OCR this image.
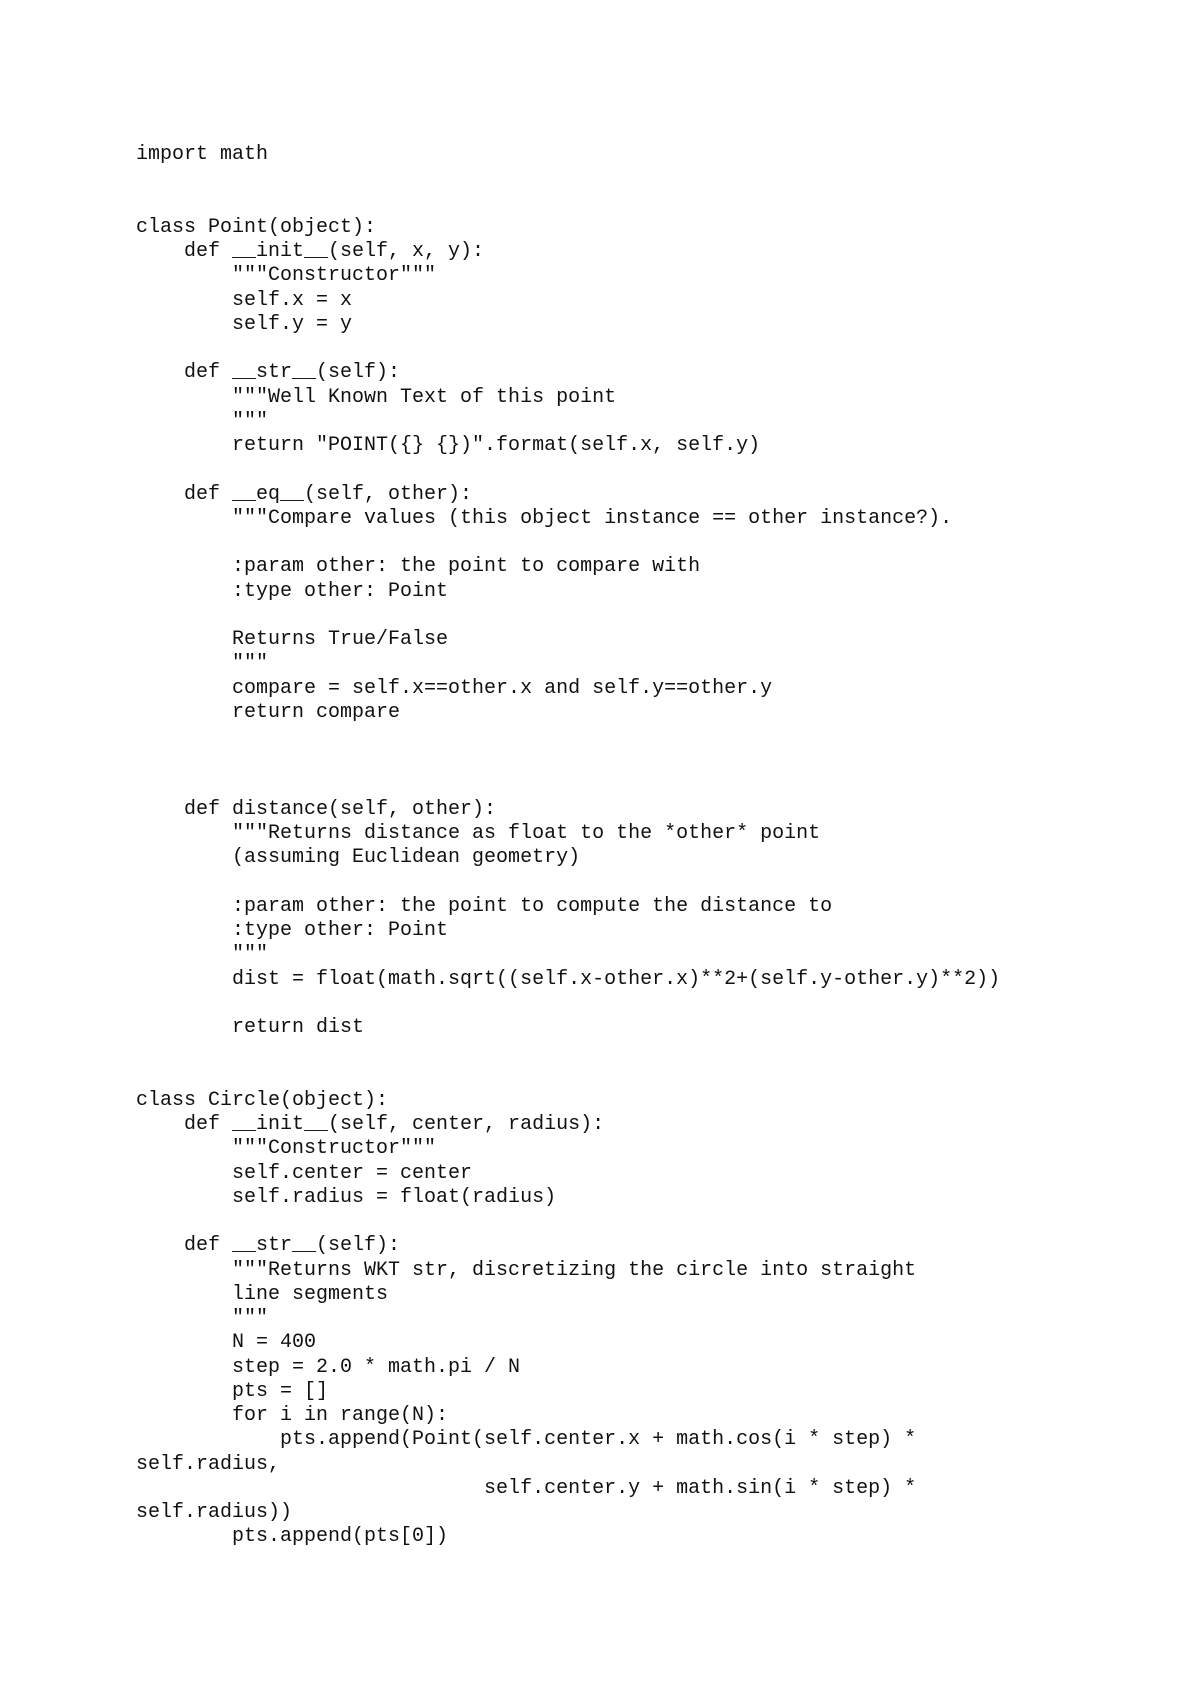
import math
class Point(object):
def __init__(self, x, y):
"""Constructor"""
self.x = x
self.y = y
def __str__(self):
"""Well Known Text of this point
"""
return "POINT({} {})".format(self.x, self.y)
def __eq__(self, other):
"""Compare values (this object instance == other instance?).
:param other: the point to compare with
:type other: Point
Returns True/False
"""
compare = self.x==other.x and self.y==other.y
return compare
def distance(self, other):
"""Returns distance as float to the *other* point
(assuming Euclidean geometry)
:param other: the point to compute the distance to
:type other: Point
"""
dist = float(math.sqrt((self.x-other.x)**2+(self.y-other.y)**2))
return dist
class Circle(object):
def __init__(self, center, radius):
"""Constructor"""
self.center = center
self.radius = float(radius)
def __str__(self):
"""Returns WKT str, discretizing the circle into straight
line segments
"""
N = 400
step = 2.0 * math.pi / N
pts = []
for i in range(N):
pts.append(Point(self.center.x + math.cos(i * step) *
self.radius,
self.center.y + math.sin(i * step) *
self.radius))
pts.append(pts[0])
